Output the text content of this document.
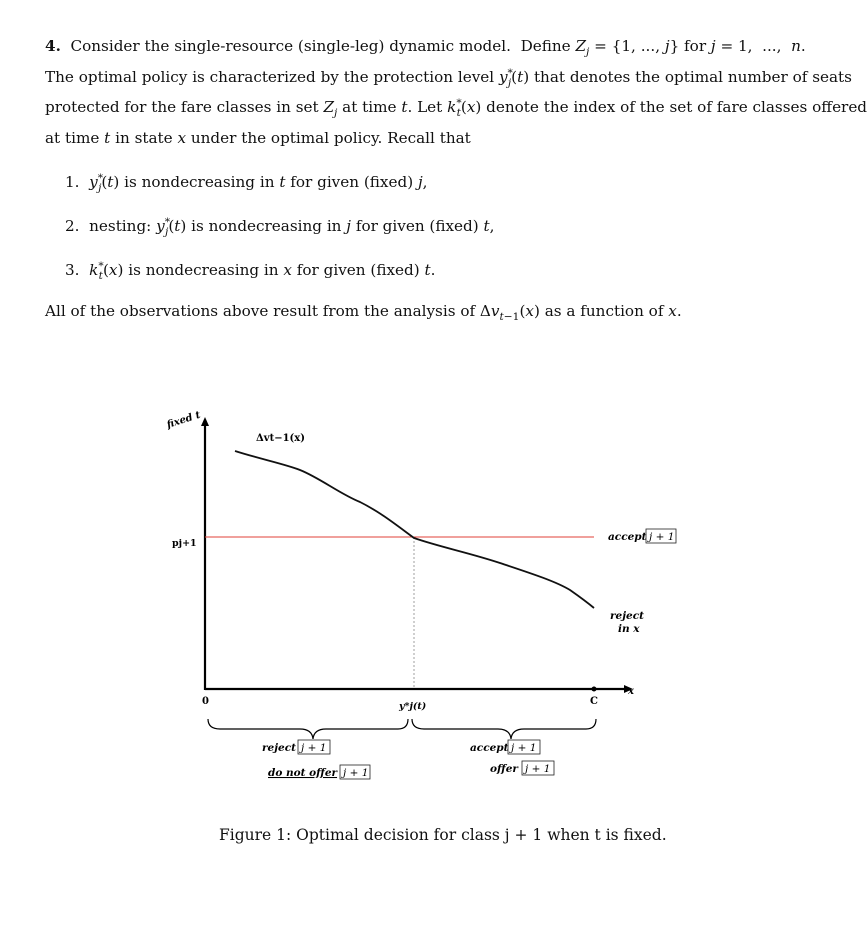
4.  Consider the single-resource (single-leg) dynamic model.  Define $Z_j = \{1$, ..., j} for j = 1,  ...,  n.
The optimal policy is characterized by the protection level $y^*_j(t)$ that denotes the optimal number of seats
protected for the fare classes in set $Z_j$ at time t. Let $k^*_t(x)$ denote the index of the set of fare classes offered
at time t in state x under the optimal policy. Recall that
1.  $y^*_j(t)$ is nondecreasing in t for given (fixed) j,
2.  nesting: $y^*_j(t)$ is nondecreasing in j for given (fixed) t,
3.  $k^*_t(x)$ is nondecreasing in x for given (fixed) t.
All of the observations above result from the analysis of $\Delta v_{t-1}(x)$ as a function of x.
fixed t
Δvt−1(x)
pj+1
0	C
x
y*j(t)
accept j + 1
reject
in x
reject j + 1
do not offer j + 1
accept j + 1
offer j + 1
Figure 1: Optimal decision for class j + 1 when t is fixed.
